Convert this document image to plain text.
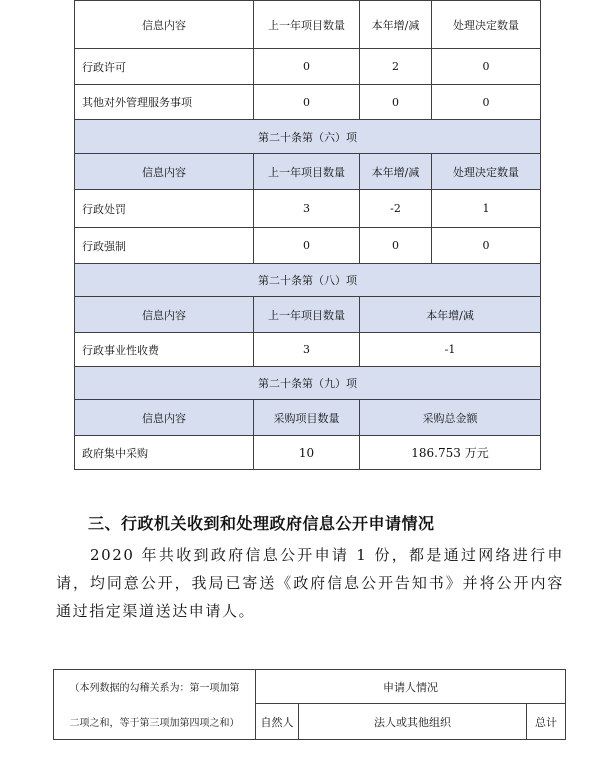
信息内容	上一年项目数量	本年增/减	处理决定数量
行政许可	0	2	0
其他对外管理服务事项	0	0	0
第二十条第（六）项			
信息内容	上一年项目数量	本年增/减	处理决定数量
行政处罚	3	-2	1
行政强制	0	0	0
第二十条第（八）项			
信息内容	上一年项目数量	本年增/减	
行政事业性收费	3	-1	
第二十条第（九）项			
信息内容	采购项目数量	采购总金额	
政府集中采购	10	186.753 万元	
三、行政机关收到和处理政府信息公开申请情况
2020 年共收到政府信息公开申请 1 份，都是通过网络进行申请，均同意公开，我局已寄送《政府信息公开告知书》并将公开内容通过指定渠道送达申请人。
（本列数据的勾稽关系为：第一项加第	申请人情况		
二项之和，等于第三项加第四项之和）	自然人	法人或其他组织	总计
